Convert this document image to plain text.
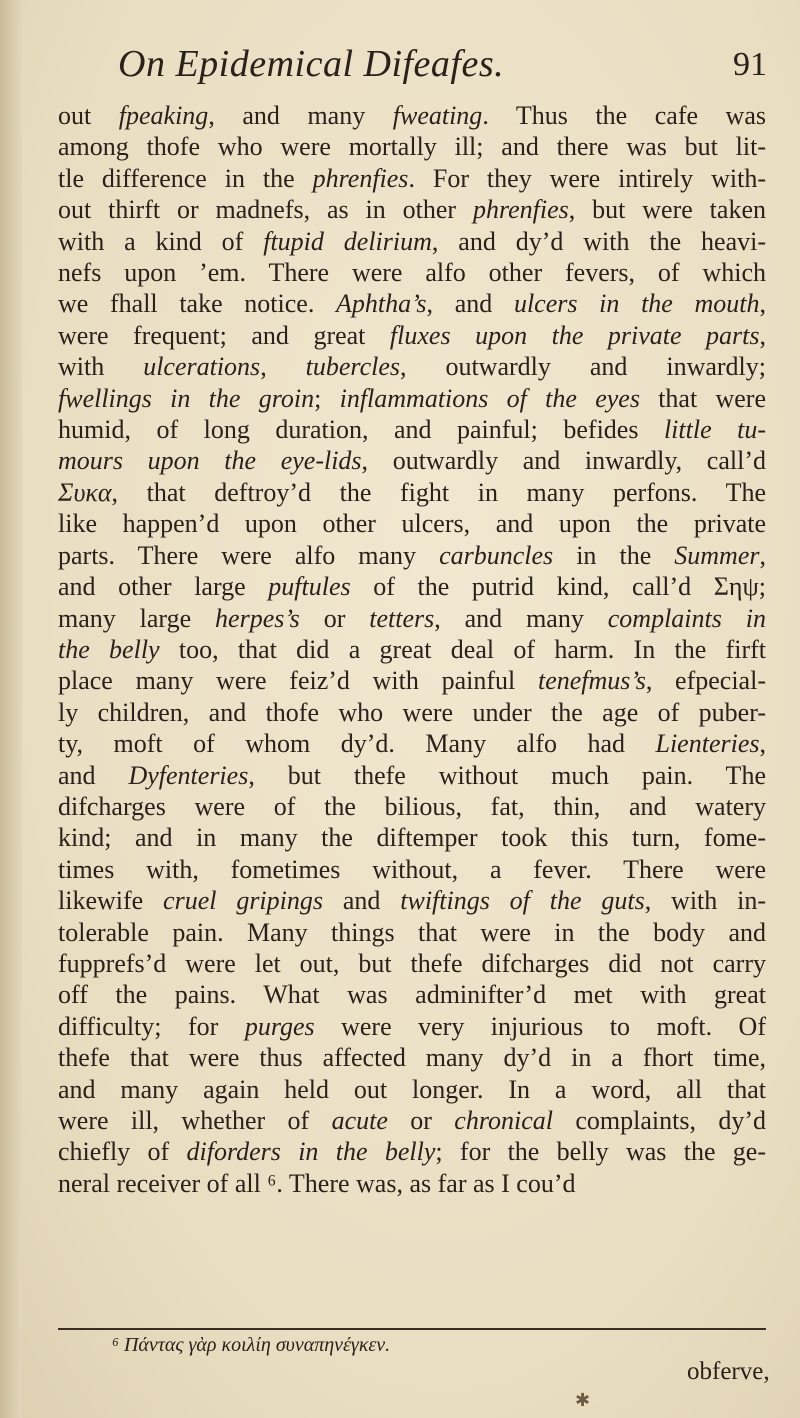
On Epidemical Difeafes.	91
out fpeaking, and many fweating. Thus the cafe was
among thofe who were mortally ill; and there was but lit-
tle difference in the phrenfies. For they were intirely with-
out thirft or madnefs, as in other phrenfies, but were taken
with a kind of ftupid delirium, and dy’d with the heavi-
nefs upon ’em. There were alfo other fevers, of which
we fhall take notice. Aphtha’s, and ulcers in the mouth,
were frequent; and great fluxes upon the private parts,
with ulcerations, tubercles, outwardly and inwardly;
fwellings in the groin; inflammations of the eyes that were
humid, of long duration, and painful; befides little tu-
mours upon the eye-lids, outwardly and inwardly, call’d
Συκα, that deftroy’d the fight in many perfons. The
like happen’d upon other ulcers, and upon the private
parts. There were alfo many carbuncles in the Summer,
and other large puftules of the putrid kind, call’d Σηψ;
many large herpes’s or tetters, and many complaints in
the belly too, that did a great deal of harm. In the firft
place many were feiz’d with painful tenefmus’s, efpecial-
ly children, and thofe who were under the age of puber-
ty, moft of whom dy’d. Many alfo had Lienteries,
and Dyfenteries, but thefe without much pain. The
difcharges were of the bilious, fat, thin, and watery
kind; and in many the diftemper took this turn, fome-
times with, fometimes without, a fever. There were
likewife cruel gripings and twiftings of the guts, with in-
tolerable pain. Many things that were in the body and
fupprefs’d were let out, but thefe difcharges did not carry
off the pains. What was adminifter’d met with great
difficulty; for purges were very injurious to moft. Of
thefe that were thus affected many dy’d in a fhort time,
and many again held out longer. In a word, all that
were ill, whether of acute or chronical complaints, dy’d
chiefly of diforders in the belly; for the belly was the ge-
neral receiver of all ⁶. There was, as far as I cou’d
⁶ Πάντας γὰρ κοιλίη συναπηνέγκεν.
obferve,
✱
